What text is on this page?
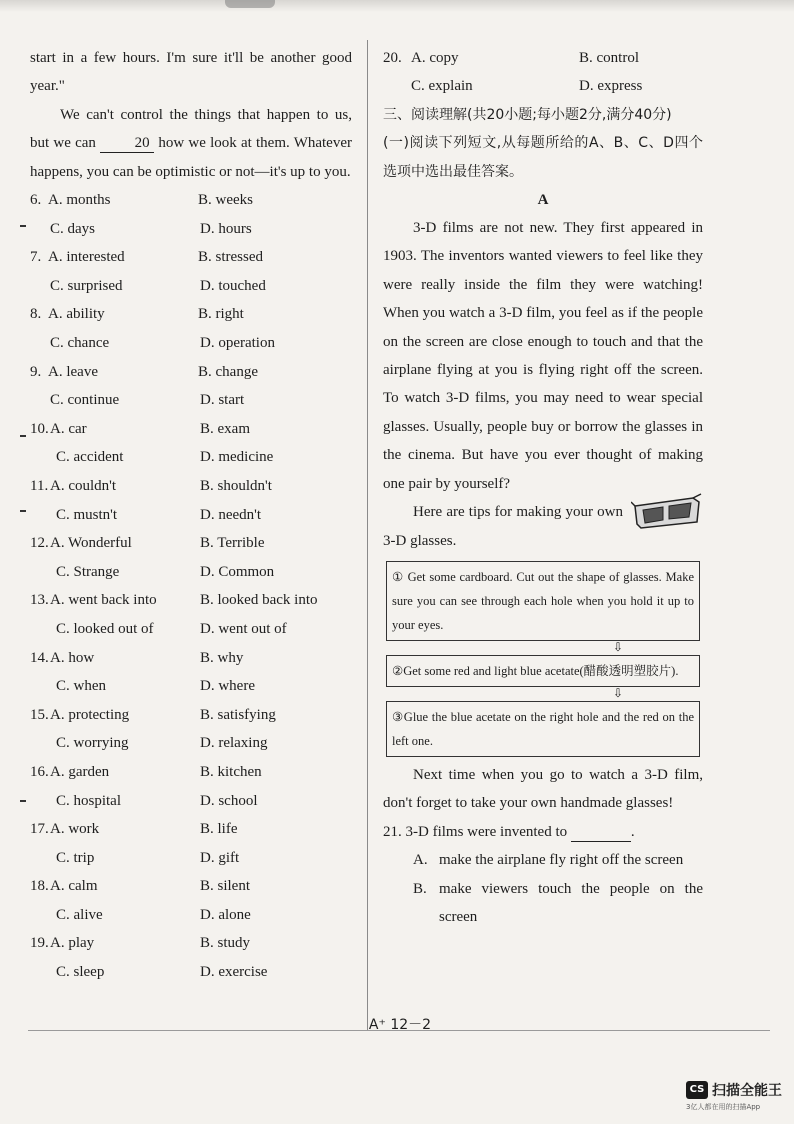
start in a few hours. I'm sure it'll be another good year."

We can't control the things that happen to us, but we can	20 how we look at them. Whatever happens, you can be optimistic or not—it's up to you.

6. A. months	B. weeks
C. days	D. hours
7. A. interested	B. stressed
C. surprised	D. touched
8. A. ability	B. right
C. chance	D. operation
9. A. leave	B. change
C. continue	D. start
10. A. car	B. exam
C. accident	D. medicine
11. A. couldn't	B. shouldn't
C. mustn't	D. needn't
12. A. Wonderful	B. Terrible
C. Strange	D. Common
13. A. went back into	B. looked back into
C. looked out of	D. went out of
14. A. how	B. why
C. when	D. where
15. A. protecting	B. satisfying
C. worrying	D. relaxing
16. A. garden	B. kitchen
C. hospital	D. school
17. A. work	B. life
C. trip	D. gift
18. A. calm	B. silent
C. alive	D. alone
19. A. play	B. study
C. sleep	D. exercise
20. A. copy	B. control
C. explain	D. express

三、阅读理解(共20小题;每小题2分,满分40分)

(一)阅读下列短文,从每题所给的A、B、C、D四个选项中选出最佳答案。

A

3-D films are not new. They first appeared in 1903. The inventors wanted viewers to feel like they were really inside the film they were watching! When you watch a 3-D film, you feel as if the people on the screen are close enough to touch and that the airplane flying at you is flying right off the screen. To watch 3-D films, you may need to wear special glasses. Usually, people buy or borrow the glasses in the cinema. But have you ever thought of making one pair by yourself?

Here are tips for making your own 3-D glasses.

① Get some cardboard. Cut out the shape of glasses. Make sure you can see through each hole when you hold it up to your eyes.
⇩
②Get some red and light blue acetate(醋酸透明塑胶片).
⇩
③Glue the blue acetate on the right hole and the red on the left one.

Next time when you go to watch a 3-D film, don't forget to take your own handmade glasses!

21. 3-D films were invented to	.

A. make the airplane fly right off the screen

B. make viewers touch the people on the screen

A⁺ 12－2
CS 扫描全能王
3亿人都在用的扫描App
